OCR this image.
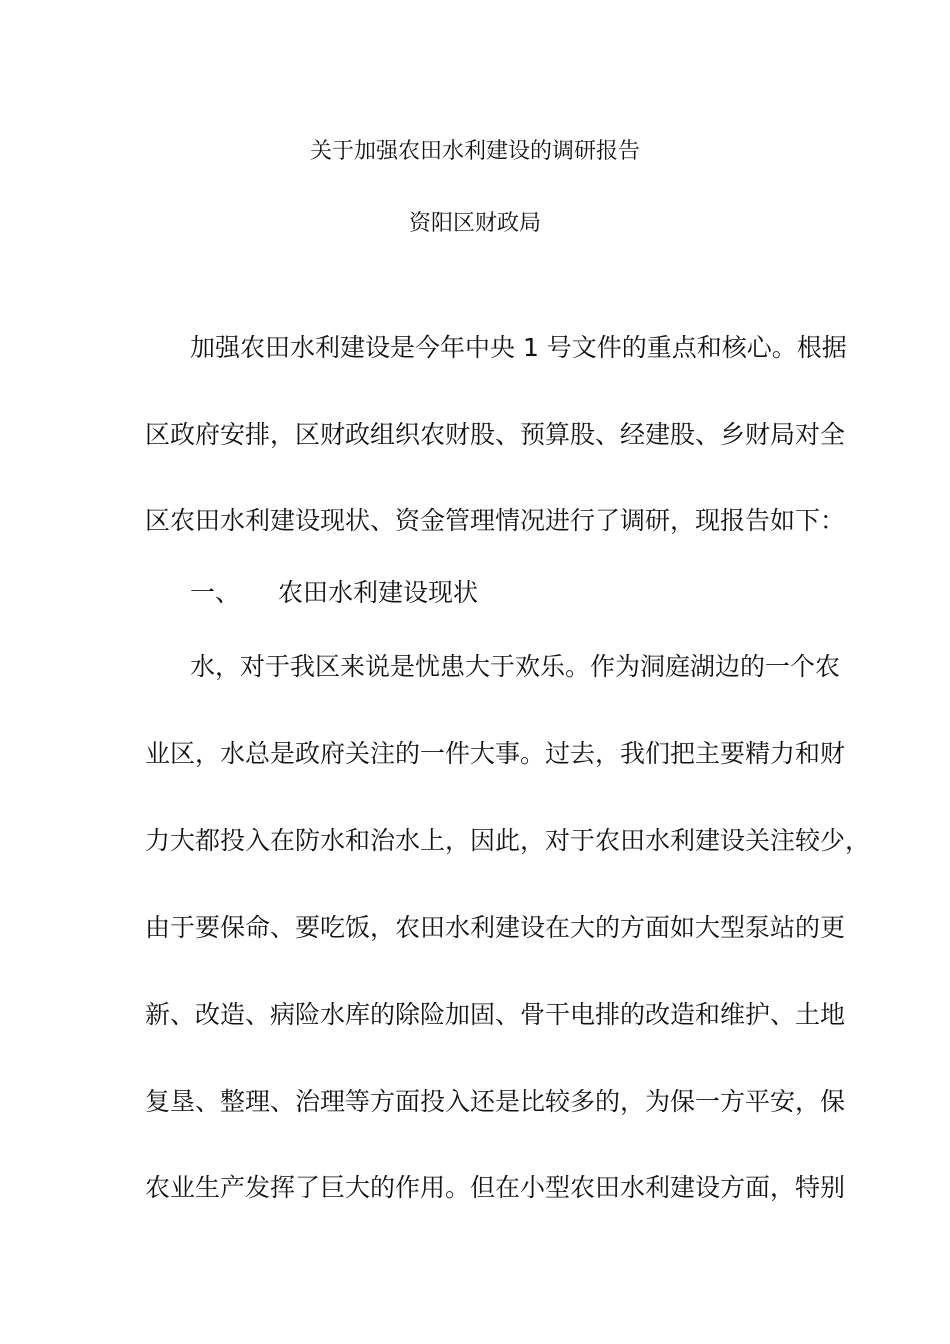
关于加强农田水利建设的调研报告
资阳区财政局
加强农田水利建设是今年中央 1 号文件的重点和核心。根据
区政府安排，区财政组织农财股、预算股、经建股、乡财局对全
区农田水利建设现状、资金管理情况进行了调研，现报告如下：
一、 农田水利建设现状
水，对于我区来说是忧患大于欢乐。作为洞庭湖边的一个农
业区，水总是政府关注的一件大事。过去，我们把主要精力和财
力大都投入在防水和治水上，因此，对于农田水利建设关注较少，
由于要保命、要吃饭，农田水利建设在大的方面如大型泵站的更
新、改造、病险水库的除险加固、骨干电排的改造和维护、土地
复垦、整理、治理等方面投入还是比较多的，为保一方平安，保
农业生产发挥了巨大的作用。但在小型农田水利建设方面，特别
